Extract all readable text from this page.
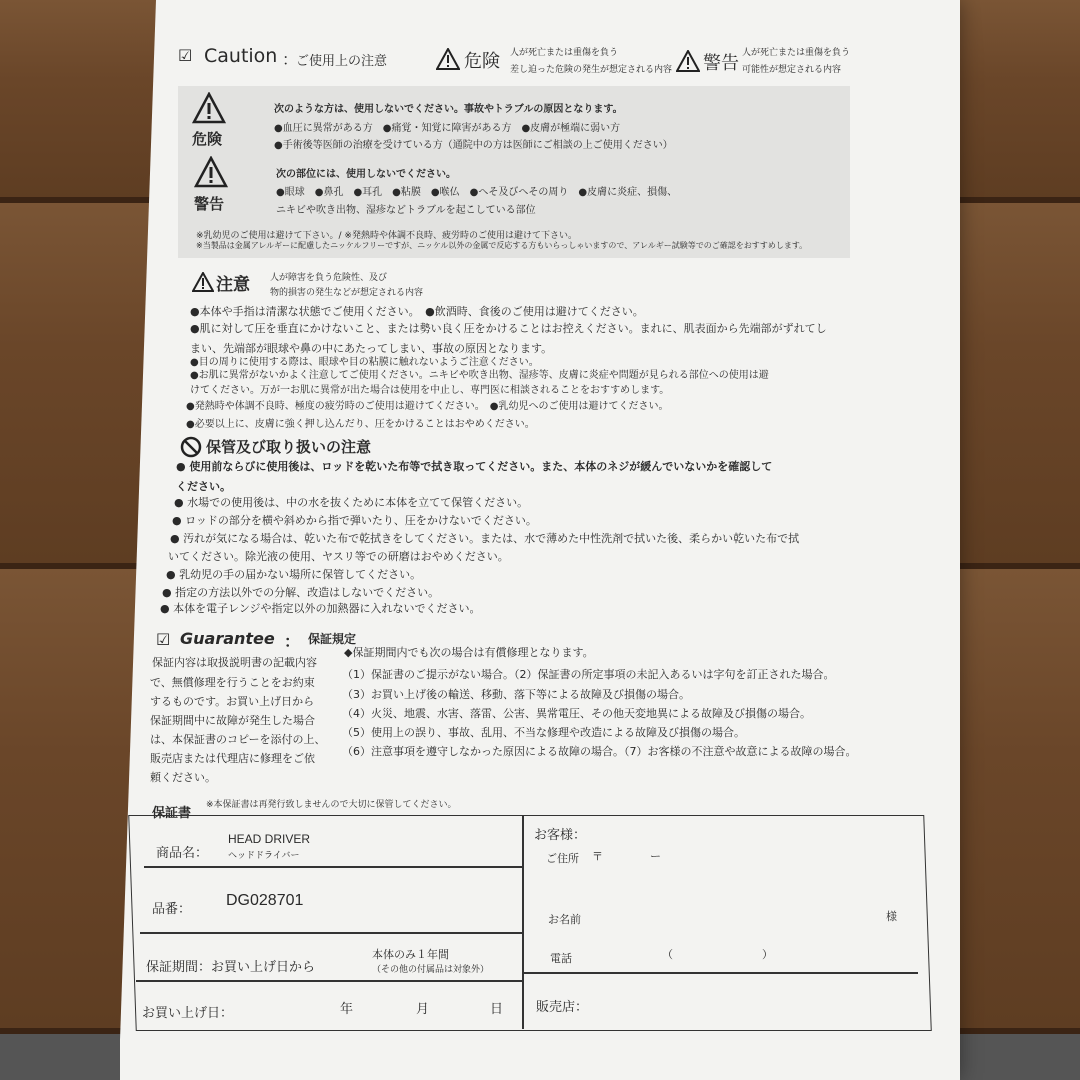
☑ Caution ：
ご使用上の注意	危険 人が死亡または重傷を負う
差し迫った危険の発生が想定される内容 警告 人が死亡または重傷を負う
可能性が想定される内容
危険
次のような方は、使用しないでください。事故やトラブルの原因となります。
●血圧に異常がある方　●痛覚・知覚に障害がある方　●皮膚が極端に弱い方
●手術後等医師の治療を受けている方（通院中の方は医師にご相談の上ご使用ください）
警告
次の部位には、使用しないでください。
●眼球　●鼻孔　●耳孔　●粘膜　●喉仏　●へそ及びへその周り　●皮膚に炎症、損傷、
ニキビや吹き出物、湿疹などトラブルを起こしている部位
※乳幼児のご使用は避けて下さい。/ ※発熱時や体調不良時、疲労時のご使用は避けて下さい。
※当製品は金属アレルギーに配慮したニッケルフリーですが、ニッケル以外の金属で反応する方もいらっしゃいますので、アレルギー試験等でのご確認をおすすめします。
注意 人が障害を負う危険性、及び
物的損害の発生などが想定される内容
●本体や手指は清潔な状態でご使用ください。　●飲酒時、食後のご使用は避けてください。
●肌に対して圧を垂直にかけないこと、または勢い良く圧をかけることはお控えください。まれに、肌表面から先端部がずれてし
まい、先端部が眼球や鼻の中にあたってしまい、事故の原因となります。
●目の周りに使用する際は、眼球や目の粘膜に触れないようご注意ください。
●お肌に異常がないかよく注意してご使用ください。ニキビや吹き出物、湿疹等、皮膚に炎症や問題が見られる部位への使用は避
けてください。万が一お肌に異常が出た場合は使用を中止し、専門医に相談されることをおすすめします。
●発熱時や体調不良時、極度の疲労時のご使用は避けてください。　●乳幼児へのご使用は避けてください。
●必要以上に、皮膚に強く押し込んだり、圧をかけることはおやめください。
保管及び取り扱いの注意
● 使用前ならびに使用後は、ロッドを乾いた布等で拭き取ってください。また、本体のネジが緩んでいないかを確認して
ください。
● 水場での使用後は、中の水を抜くために本体を立てて保管ください。
● ロッドの部分を横や斜めから指で弾いたり、圧をかけないでください。
● 汚れが気になる場合は、乾いた布で乾拭きをしてください。または、水で薄めた中性洗剤で拭いた後、柔らかい乾いた布で拭
いてください。除光液の使用、ヤスリ等での研磨はおやめください。
● 乳幼児の手の届かない場所に保管してください。
● 指定の方法以外での分解、改造はしないでください。
● 本体を電子レンジや指定以外の加熱器に入れないでください。
☑ Guarantee ： 保証規定
保証内容は取扱説明書の記載内容
で、無償修理を行うことをお約束
するものです。お買い上げ日から
保証期間中に故障が発生した場合
は、本保証書のコピーを添付の上、
販売店または代理店に修理をご依
頼ください。
◆保証期間内でも次の場合は有償修理となります。
（1）保証書のご提示がない場合。（2）保証書の所定事項の未記入あるいは字句を訂正された場合。
（3）お買い上げ後の輸送、移動、落下等による故障及び損傷の場合。
（4）火災、地震、水害、落雷、公害、異常電圧、その他天変地異による故障及び損傷の場合。
（5）使用上の誤り、事故、乱用、不当な修理や改造による故障及び損傷の場合。
（6）注意事項を遵守しなかった原因による故障の場合。（7）お客様の不注意や故意による故障の場合。
保証書
※本保証書は再発行致しませんので大切に保管してください。
商品名：
HEAD DRIVER
ヘッドドライバー
品番：
DG028701
保証期間：お買い上げ日から
本体のみ１年間
（その他の付属品は対象外）
お買い上げ日：	年	月	日
お客様：
ご住所 〒	ー
お名前	様
電話	（	）
販売店：
